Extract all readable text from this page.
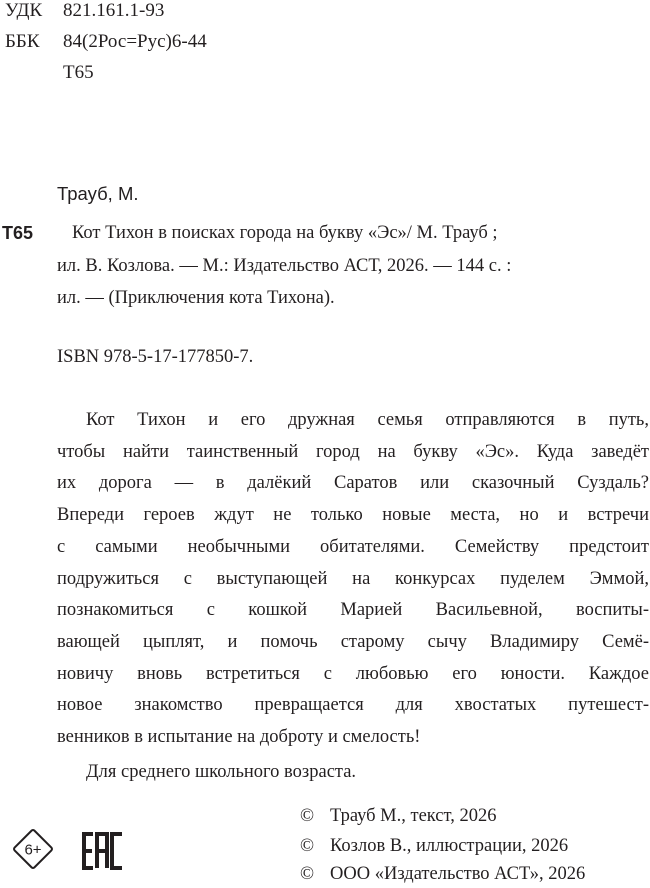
УДК 821.161.1-93
ББК 84(2Рос=Рус)6-44
Т65
Трауб, М.
Т65 Кот Тихон в поисках города на букву «Эс»/ М. Трауб ;
ил. В. Козлова. — М.: Издательство АСТ, 2026. — 144 с. :
ил. — (Приключения кота Тихона).
ISBN 978-5-17-177850-7.
Кот Тихон и его дружная семья отправляются в путь,
чтобы найти таинственный город на букву «Эс». Куда заведёт
их дорога — в далёкий Саратов или сказочный Суздаль?
Впереди героев ждут не только новые места, но и встречи
с самыми необычными обитателями. Семейству предстоит
подружиться с выступающей на конкурсах пуделем Эммой,
познакомиться с кошкой Марией Васильевной, воспиты-
вающей цыплят, и помочь старому сычу Владимиру Семё-
новичу вновь встретиться с любовью его юности. Каждое
новое знакомство превращается для хвостатых путешест-
венников в испытание на доброту и смелость!
Для среднего школьного возраста.
© Трауб М., текст, 2026
© Козлов В., иллюстрации, 2026
© ООО «Издательство АСТ», 2026
6+
